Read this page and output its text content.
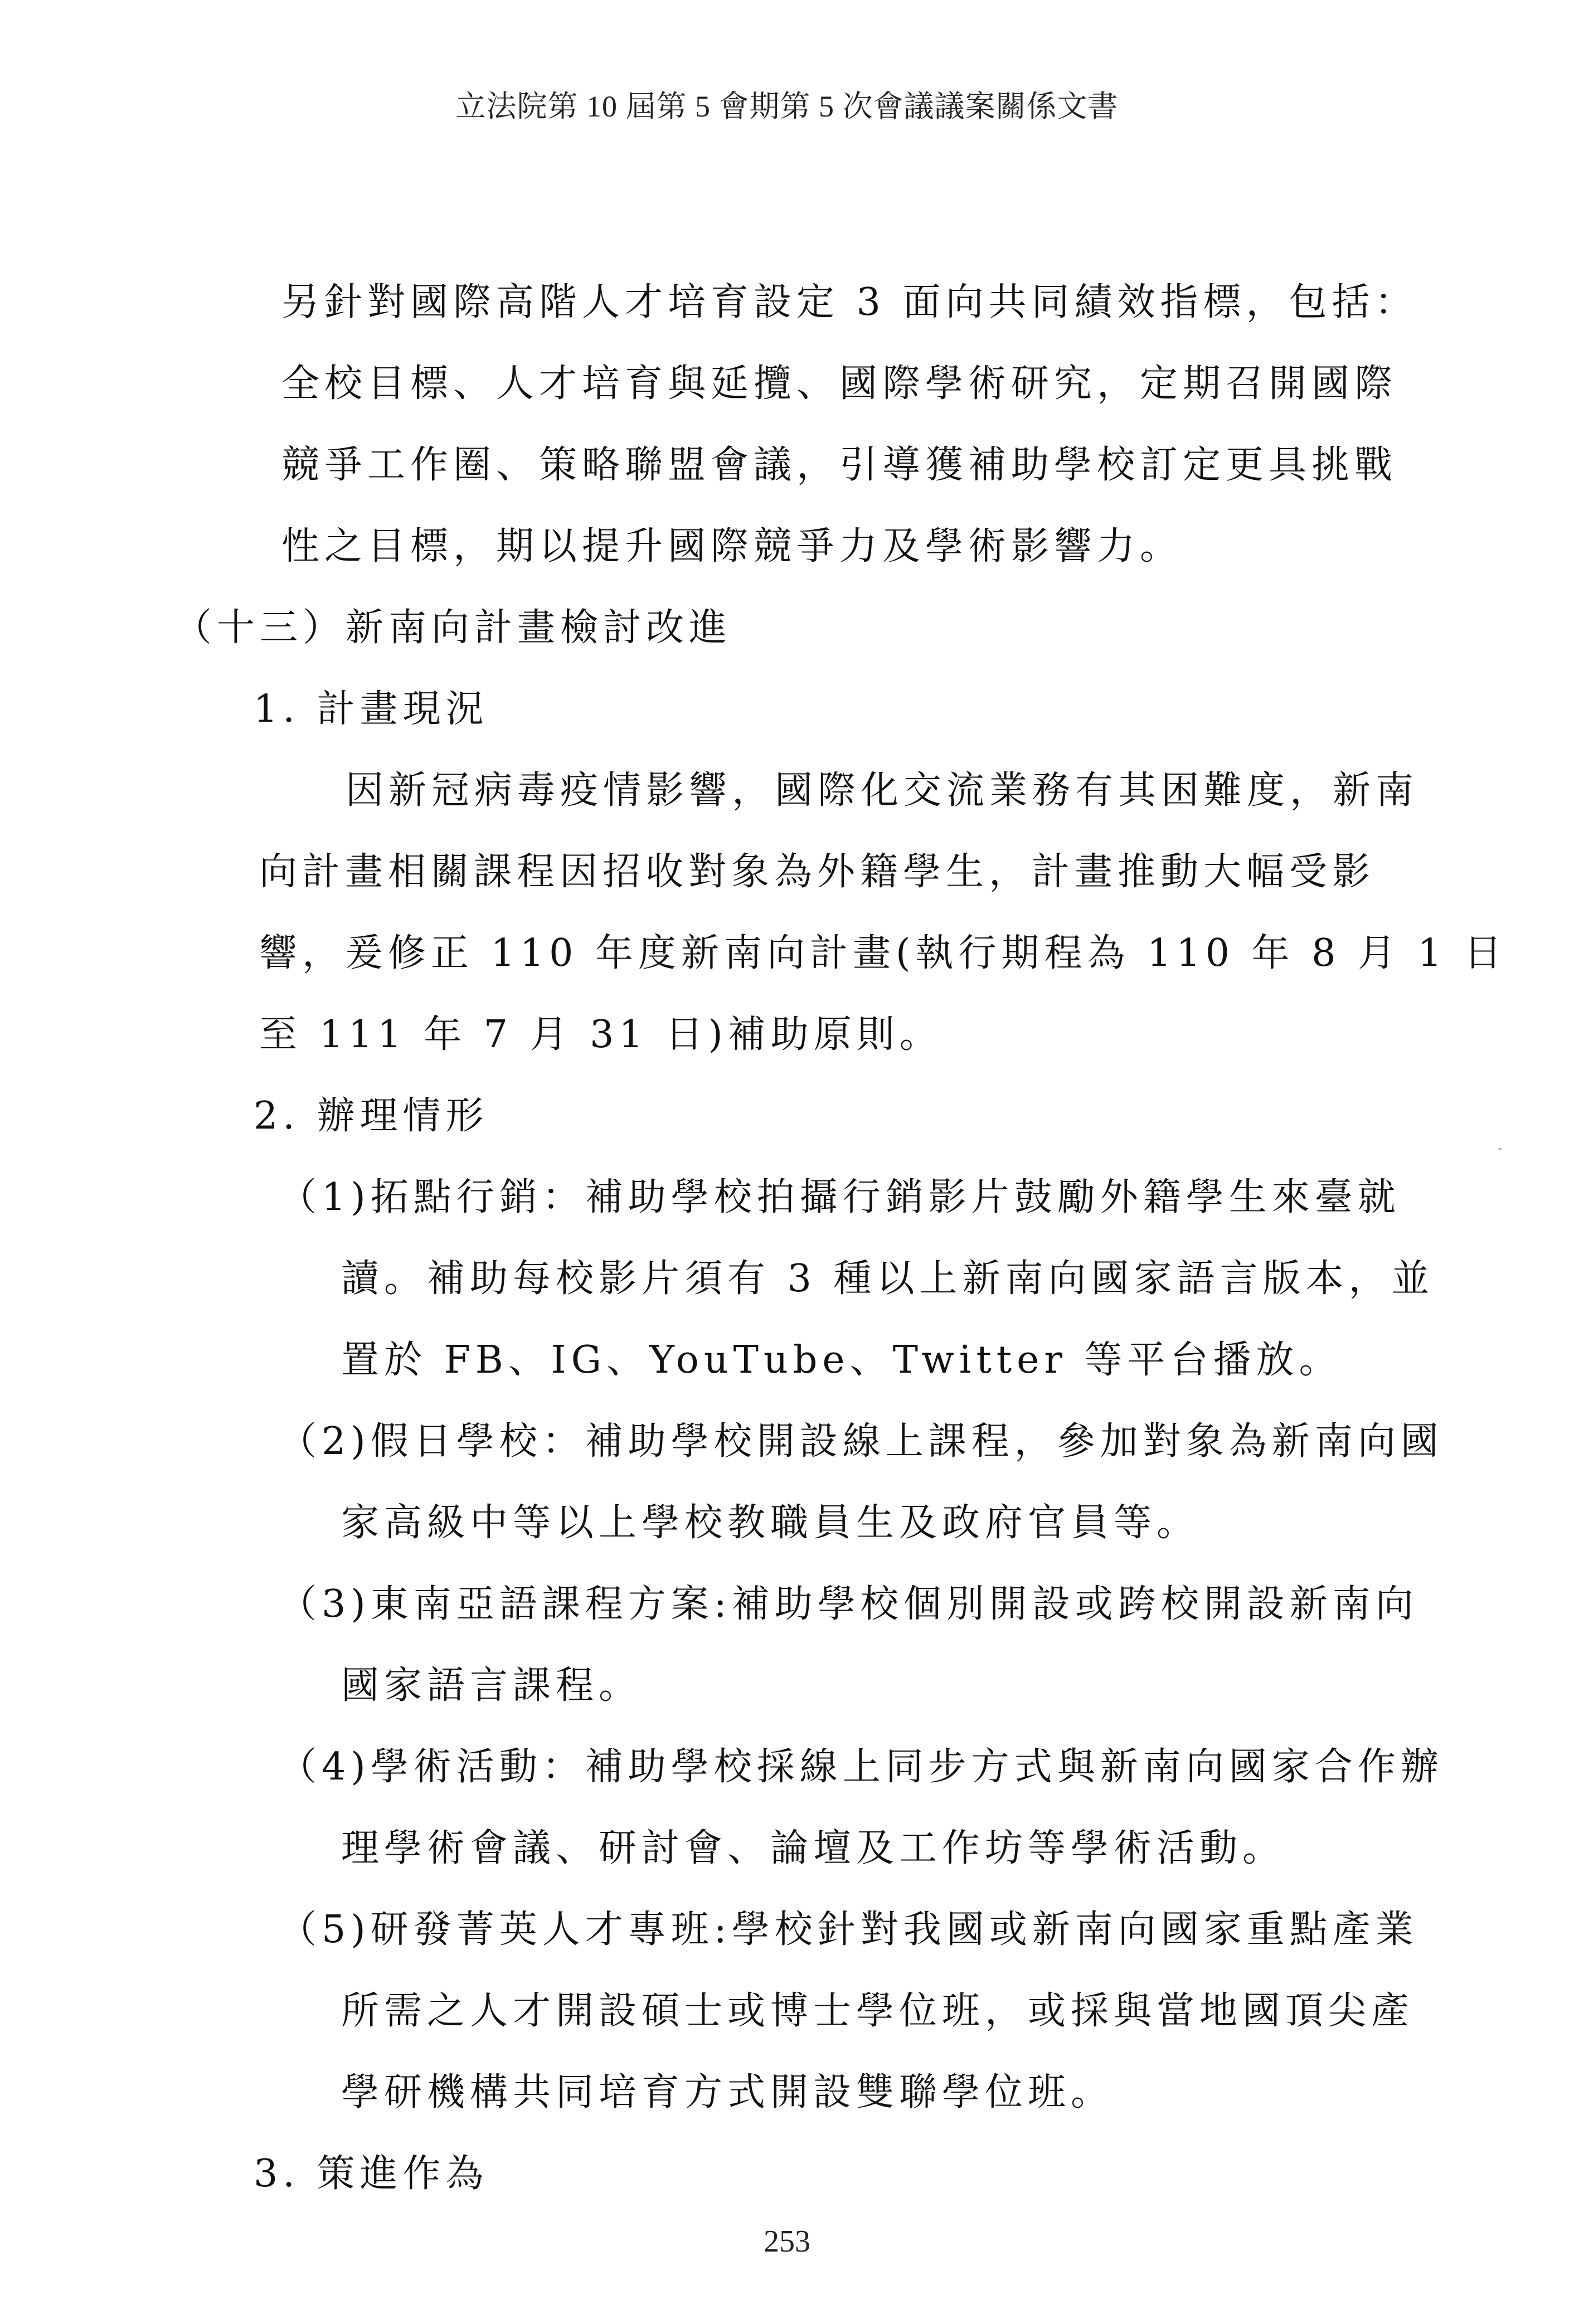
立法院第 10 屆第 5 會期第 5 次會議議案關係文書
另針對國際高階人才培育設定 3 面向共同績效指標，包括：
全校目標、人才培育與延攬、國際學術研究，定期召開國際
競爭工作圈、策略聯盟會議，引導獲補助學校訂定更具挑戰
性之目標，期以提升國際競爭力及學術影響力。
（十三）新南向計畫檢討改進
1. 計畫現況
因新冠病毒疫情影響，國際化交流業務有其困難度，新南
向計畫相關課程因招收對象為外籍學生，計畫推動大幅受影
響，爰修正 110 年度新南向計畫(執行期程為 110 年 8 月 1 日
至 111 年 7 月 31 日)補助原則。
2. 辦理情形
（1)拓點行銷：補助學校拍攝行銷影片鼓勵外籍學生來臺就
讀。補助每校影片須有 3 種以上新南向國家語言版本，並
置於 FB、IG、YouTube、Twitter 等平台播放。
（2)假日學校：補助學校開設線上課程，參加對象為新南向國
家高級中等以上學校教職員生及政府官員等。
（3)東南亞語課程方案:補助學校個別開設或跨校開設新南向
國家語言課程。
（4)學術活動：補助學校採線上同步方式與新南向國家合作辦
理學術會議、研討會、論壇及工作坊等學術活動。
（5)研發菁英人才專班:學校針對我國或新南向國家重點產業
所需之人才開設碩士或博士學位班，或採與當地國頂尖產
學研機構共同培育方式開設雙聯學位班。
3. 策進作為
253
